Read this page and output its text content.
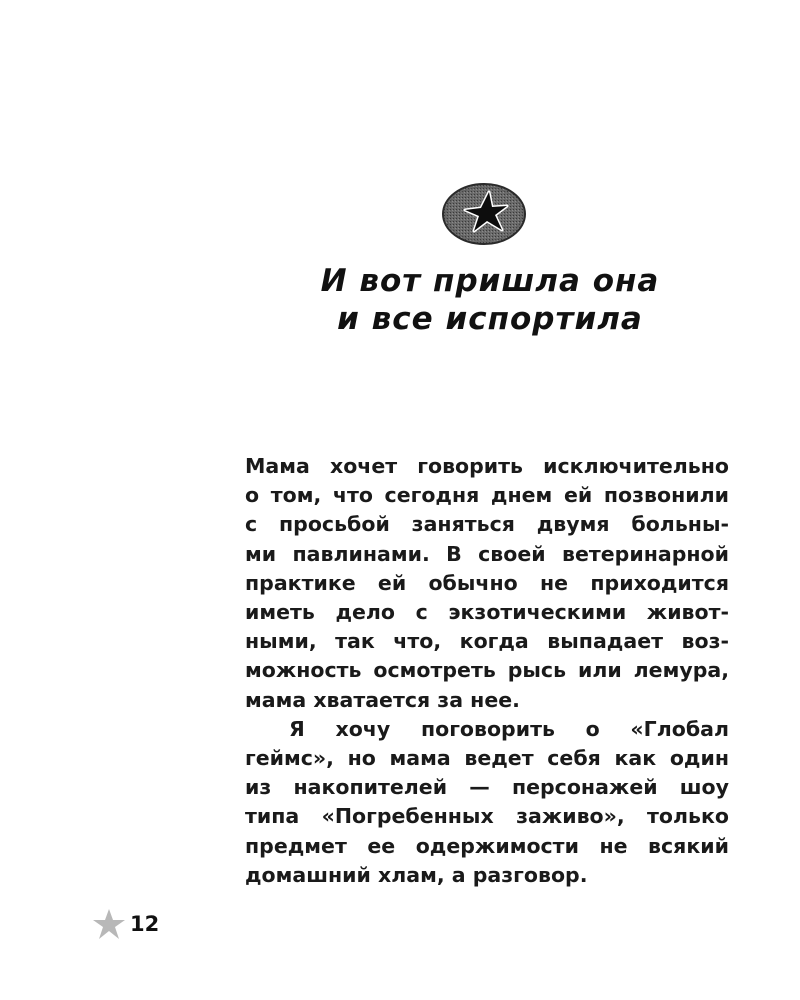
И вот пришла она
и все испортила
Мама хочет говорить исключительно
о том, что сегодня днем ей позвонили
с просьбой заняться двумя больны-
ми павлинами. В своей ветеринарной
практике ей обычно не приходится
иметь дело с экзотическими живот-
ными, так что, когда выпадает воз-
можность осмотреть рысь или лемура,
мама хватается за нее.
Я хочу поговорить о «Глобал
геймс», но мама ведет себя как один
из накопителей — персонажей шоу
типа «Погребенных заживо», только
предмет ее одержимости не всякий
домашний хлам, а разговор.
12
